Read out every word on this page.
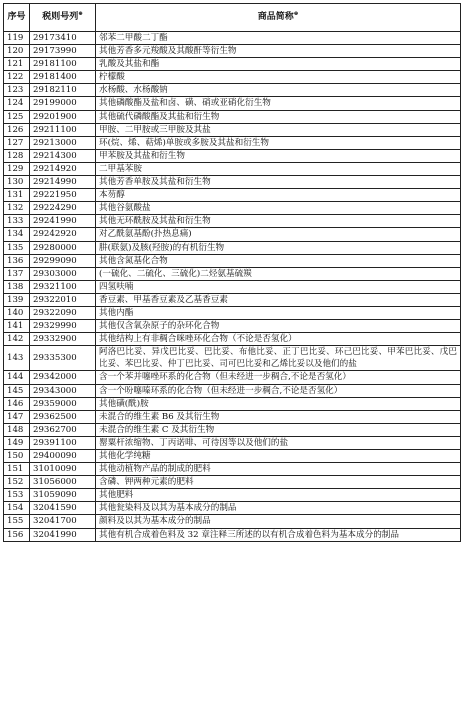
序号	税则号列⊕	商品简称⊕
119	29173410	邻苯二甲酸二丁酯
120	29173990	其他芳香多元羧酸及其酸酐等衍生物
121	29181100	乳酸及其盐和酯
122	29181400	柠檬酸
123	29182110	水杨酸、水杨酸钠
124	29199000	其他磷酸酯及盐和卤、磺、硝或亚硝化衍生物
125	29201900	其他硫代磷酸酯及其盐和衍生物
126	29211100	甲胺、二甲胺或三甲胺及其盐
127	29213000	环(烷、烯、萜烯)单胺或多胺及其盐和衍生物
128	29214300	甲苯胺及其盐和衍生物
129	29214920	二甲基苯胺
130	29214990	其他芳香单胺及其盐和衍生物
131	29221950	本芴醇
132	29224290	其他谷氨酸盐
133	29241990	其他无环酰胺及其盐和衍生物
134	29242920	对乙酰氨基酚(扑热息痛)
135	29280000	肼(联氨)及胲(羟胺)的有机衍生物
136	29299090	其他含氮基化合物
137	29303000	(一硫化、二硫化、三硫化)二烃氨基硫羰
138	29321100	四氢呋喃
139	29322010	香豆素、甲基香豆素及乙基香豆素
140	29322090	其他内酯
141	29329990	其他仅含氧杂原子的杂环化合物
142	29332900	其他结构上有非稠合咪唑环化合物（不论是否氢化）
143	29335300	阿洛巴比妥、异戊巴比妥、巴比妥、布他比妥、正丁巴比妥、环己巴比妥、甲苯巴比妥、戊巴比妥、苯巴比妥、仲丁巴比妥、司可巴比妥和乙烯比妥以及他们的盐
144	29342000	含一个苯并噻唑环系的化合物（但未经进一步稠合,不论是否氢化）
145	29343000	含一个吩噻嗪环系的化合物（但未经进一步稠合,不论是否氢化）
146	29359000	其他磺(酰)胺
147	29362500	未混合的维生素 B6 及其衍生物
148	29362700	未混合的维生素 C 及其衍生物
149	29391100	罂粟杆浓缩物、丁丙诺啡、可待因等以及他们的盐
150	29400090	其他化学纯糖
151	31010090	其他动植物产品的制成的肥料
152	31056000	含磷、钾两种元素的肥料
153	31059090	其他肥料
154	32041590	其他瓮染料及以其为基本成分的制品
155	32041700	颜料及以其为基本成分的制品
156	32041990	其他有机合成着色料及 32 章注释三所述的以有机合成着色料为基本成分的制品
